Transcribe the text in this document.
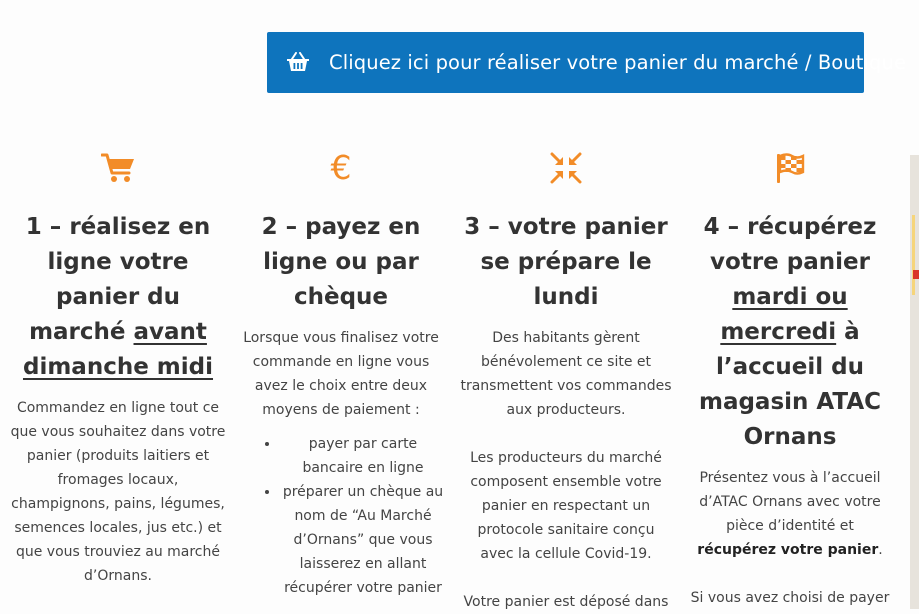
Cliquez ici pour réaliser votre panier du marché / Boutique
1 – réalisez en
ligne votre
panier du
marché avant
dimanche midi

Commandez en ligne tout ce que vous souhaitez dans votre panier (produits laitiers et fromages locaux, champignons, pains, légumes, semences locales, jus etc.) et que vous trouviez au marché d’Ornans.

€
2 – payez en
ligne ou par
chèque

Lorsque vous finalisez votre commande en ligne vous avez le choix entre deux moyens de paiement :

• payer par carte bancaire en ligne
• préparer un chèque au nom de “Au Marché d’Ornans” que vous laisserez en allant récupérer votre panier
3 – votre panier
se prépare le
lundi

Des habitants gèrent bénévolement ce site et transmettent vos commandes aux producteurs.

Les producteurs du marché composent ensemble votre panier en respectant un protocole sanitaire conçu avec la cellule Covid-19.

Votre panier est déposé dans

4 – récupérez
votre panier
mardi ou
mercredi à
l’accueil du
magasin ATAC
Ornans

Présentez vous à l’accueil d’ATAC Ornans avec votre pièce d’identité et récupérez votre panier.

Si vous avez choisi de payer
